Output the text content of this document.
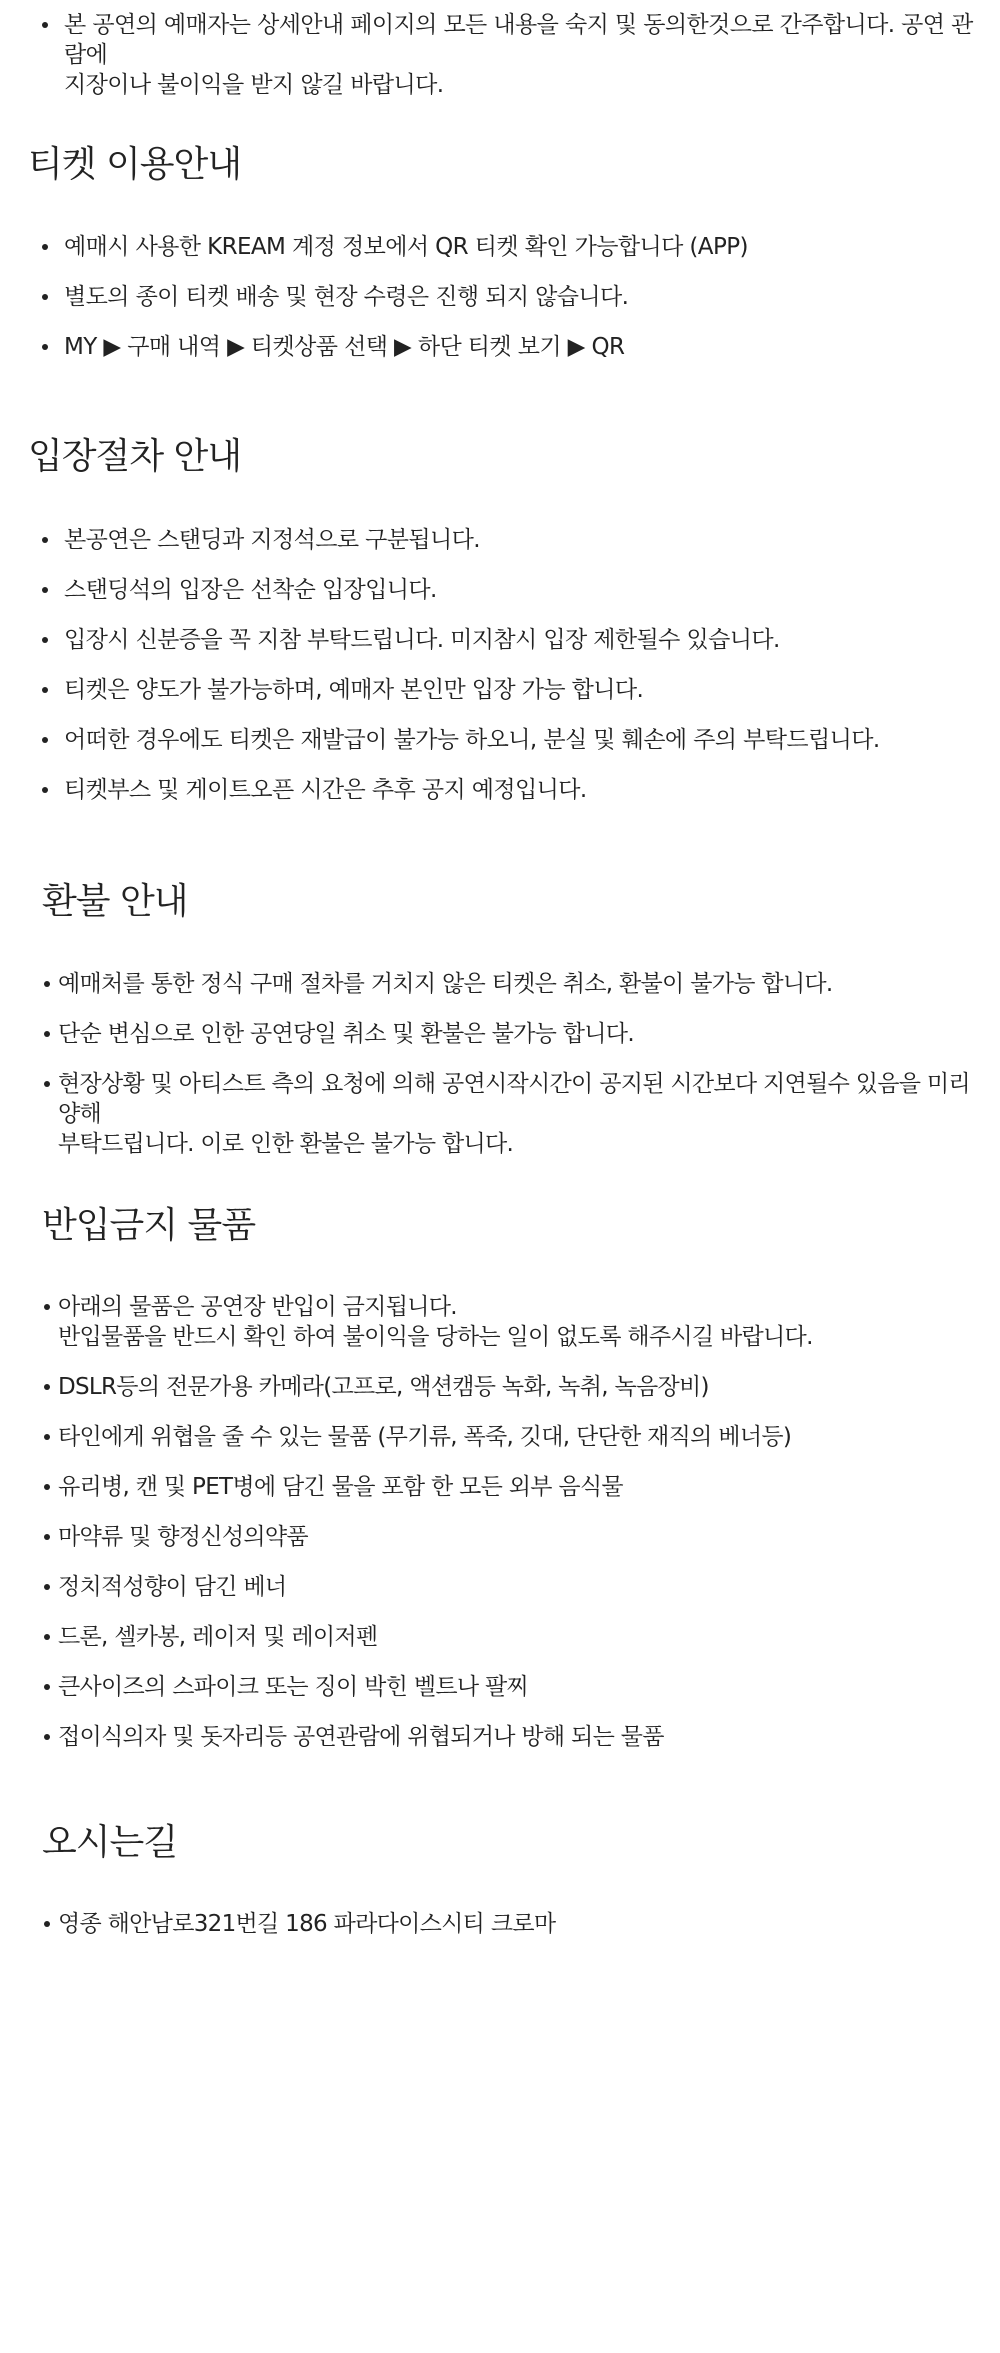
본 공연의 예매자는 상세안내 페이지의 모든 내용을 숙지 및 동의한것으로 간주합니다. 공연 관람에
지장이나 불이익을 받지 않길 바랍니다.
티켓 이용안내
예매시 사용한 KREAM 계정 정보에서 QR 티켓 확인 가능합니다 (APP)
별도의 종이 티켓 배송 및 현장 수령은 진행 되지 않습니다.
MY ▶ 구매 내역 ▶ 티켓상품 선택 ▶ 하단 티켓 보기 ▶ QR
입장절차 안내
본공연은 스탠딩과 지정석으로 구분됩니다.
스탠딩석의 입장은 선착순 입장입니다.
입장시 신분증을 꼭 지참 부탁드립니다. 미지참시 입장 제한될수 있습니다.
티켓은 양도가 불가능하며, 예매자 본인만 입장 가능 합니다.
어떠한 경우에도 티켓은 재발급이 불가능 하오니, 분실 및 훼손에 주의 부탁드립니다.
티켓부스 및 게이트오픈 시간은 추후 공지 예정입니다.
환불 안내
예매처를 통한 정식 구매 절차를 거치지 않은 티켓은 취소, 환불이 불가능 합니다.
단순 변심으로 인한 공연당일 취소 및 환불은 불가능 합니다.
현장상황 및 아티스트 측의 요청에 의해 공연시작시간이 공지된 시간보다 지연될수 있음을 미리양해
부탁드립니다. 이로 인한 환불은 불가능 합니다.
반입금지 물품
아래의 물품은 공연장 반입이 금지됩니다.
반입물품을 반드시 확인 하여 불이익을 당하는 일이 없도록 해주시길 바랍니다.
DSLR등의 전문가용 카메라(고프로, 액션캠등 녹화, 녹취, 녹음장비)
타인에게 위협을 줄 수 있는 물품 (무기류, 폭죽, 깃대, 단단한 재직의 베너등)
유리병, 캔 및 PET병에 담긴 물을 포함 한 모든 외부 음식물
마약류 및 향정신성의약품
정치적성향이 담긴 베너
드론, 셀카봉, 레이저 및 레이저펜
큰사이즈의 스파이크 또는 징이 박힌 벨트나 팔찌
접이식의자 및 돗자리등 공연관람에 위협되거나 방해 되는 물품
오시는길
영종 해안남로321번길 186 파라다이스시티 크로마
